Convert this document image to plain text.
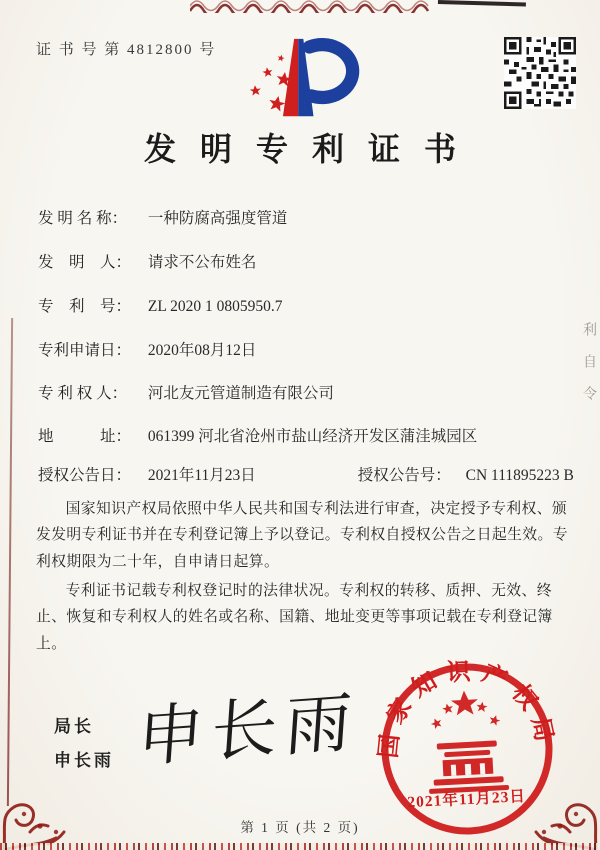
证 书 号 第 4812800 号
发明专利证书
发 明 名 称： 一种防腐高强度管道
发　明　人： 请求不公布姓名
专　利　号： ZL 2020 1 0805950.7
专利申请日： 2020年08月12日
专 利 权 人： 河北友元管道制造有限公司
地　　　址： 061399 河北省沧州市盐山经济开发区蒲洼城园区
授权公告日： 2021年11月23日	授权公告号： CN 111895223 B

国家知识产权局依照中华人民共和国专利法进行审查，决定授予专利权、颁发发明专利证书并在专利登记簿上予以登记。专利权自授权公告之日起生效。专利权期限为二十年，自申请日起算。

专利证书记载专利权登记时的法律状况。专利权的转移、质押、无效、终止、恢复和专利权人的姓名或名称、国籍、地址变更等事项记载在专利登记簿上。

局长
申长雨 申长雨 国家知识产权局
2021年11月23日
第 1 页 (共 2 页)
利自令
